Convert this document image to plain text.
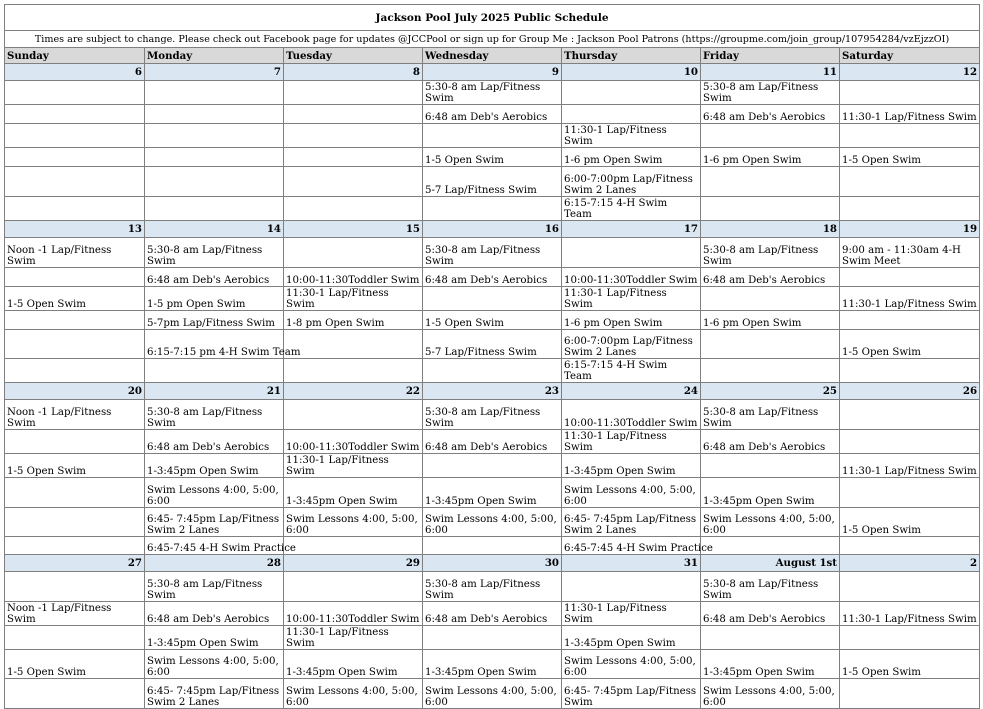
Jackson Pool July 2025 Public Schedule						
Times are subject to change. Please check out Facebook page for updates @JCCPool or sign up for Group Me : Jackson Pool Patrons (https://groupme.com/join_group/107954284/vzEjzzOI)						
Sunday	Monday	Tuesday	Wednesday	Thursday	Friday	Saturday
6	7	8	9	10	11	12
			5:30-8 am Lap/Fitness Swim		5:30-8 am Lap/Fitness Swim	
			6:48 am Deb's Aerobics		6:48 am Deb's Aerobics	11:30-1 Lap/Fitness Swim
				11:30-1 Lap/Fitness Swim		
			1-5 Open Swim	1-6 pm Open Swim	1-6 pm Open Swim	1-5 Open Swim
			5-7 Lap/Fitness Swim	6:00-7:00pm Lap/Fitness Swim 2 Lanes		
				6:15-7:15 4-H Swim Team		
13	14	15	16	17	18	19
Noon -1 Lap/Fitness Swim	5:30-8 am Lap/Fitness Swim		5:30-8 am Lap/Fitness Swim		5:30-8 am Lap/Fitness Swim	9:00 am - 11:30am 4-H Swim Meet
	6:48 am Deb's Aerobics	10:00-11:30Toddler Swim	6:48 am Deb's Aerobics	10:00-11:30Toddler Swim	6:48 am Deb's Aerobics	
1-5 Open Swim	1-5 pm Open Swim	11:30-1 Lap/Fitness Swim		11:30-1 Lap/Fitness Swim		11:30-1 Lap/Fitness Swim
	5-7pm Lap/Fitness Swim	1-8 pm Open Swim	1-5 Open Swim	1-6 pm Open Swim	1-6 pm Open Swim	
	6:15-7:15 pm 4-H Swim Team		5-7 Lap/Fitness Swim	6:00-7:00pm Lap/Fitness Swim 2 Lanes		1-5 Open Swim
				6:15-7:15 4-H Swim Team		
20	21	22	23	24	25	26
Noon -1 Lap/Fitness Swim	5:30-8 am Lap/Fitness Swim		5:30-8 am Lap/Fitness Swim	10:00-11:30Toddler Swim	5:30-8 am Lap/Fitness Swim	
	6:48 am Deb's Aerobics	10:00-11:30Toddler Swim	6:48 am Deb's Aerobics	11:30-1 Lap/Fitness Swim	6:48 am Deb's Aerobics	
1-5 Open Swim	1-3:45pm Open Swim	11:30-1 Lap/Fitness Swim		1-3:45pm Open Swim		11:30-1 Lap/Fitness Swim
	Swim Lessons 4:00, 5:00, 6:00	1-3:45pm Open Swim	1-3:45pm Open Swim	Swim Lessons 4:00, 5:00, 6:00	1-3:45pm Open Swim	
	6:45- 7:45pm Lap/Fitness Swim 2 Lanes	Swim Lessons 4:00, 5:00, 6:00	Swim Lessons 4:00, 5:00, 6:00	6:45- 7:45pm Lap/Fitness Swim 2 Lanes	Swim Lessons 4:00, 5:00, 6:00	1-5 Open Swim
	6:45-7:45 4-H Swim Practice			6:45-7:45 4-H Swim Practice		
27	28	29	30	31	August 1st	2
	5:30-8 am Lap/Fitness Swim		5:30-8 am Lap/Fitness Swim		5:30-8 am Lap/Fitness Swim	
Noon -1 Lap/Fitness Swim	6:48 am Deb's Aerobics	10:00-11:30Toddler Swim	6:48 am Deb's Aerobics	11:30-1 Lap/Fitness Swim	6:48 am Deb's Aerobics	11:30-1 Lap/Fitness Swim
	1-3:45pm Open Swim	11:30-1 Lap/Fitness Swim		1-3:45pm Open Swim		
1-5 Open Swim	Swim Lessons 4:00, 5:00, 6:00	1-3:45pm Open Swim	1-3:45pm Open Swim	Swim Lessons 4:00, 5:00, 6:00	1-3:45pm Open Swim	1-5 Open Swim
	6:45- 7:45pm Lap/Fitness Swim 2 Lanes	Swim Lessons 4:00, 5:00, 6:00	Swim Lessons 4:00, 5:00, 6:00	6:45- 7:45pm Lap/Fitness Swim	Swim Lessons 4:00, 5:00, 6:00	
